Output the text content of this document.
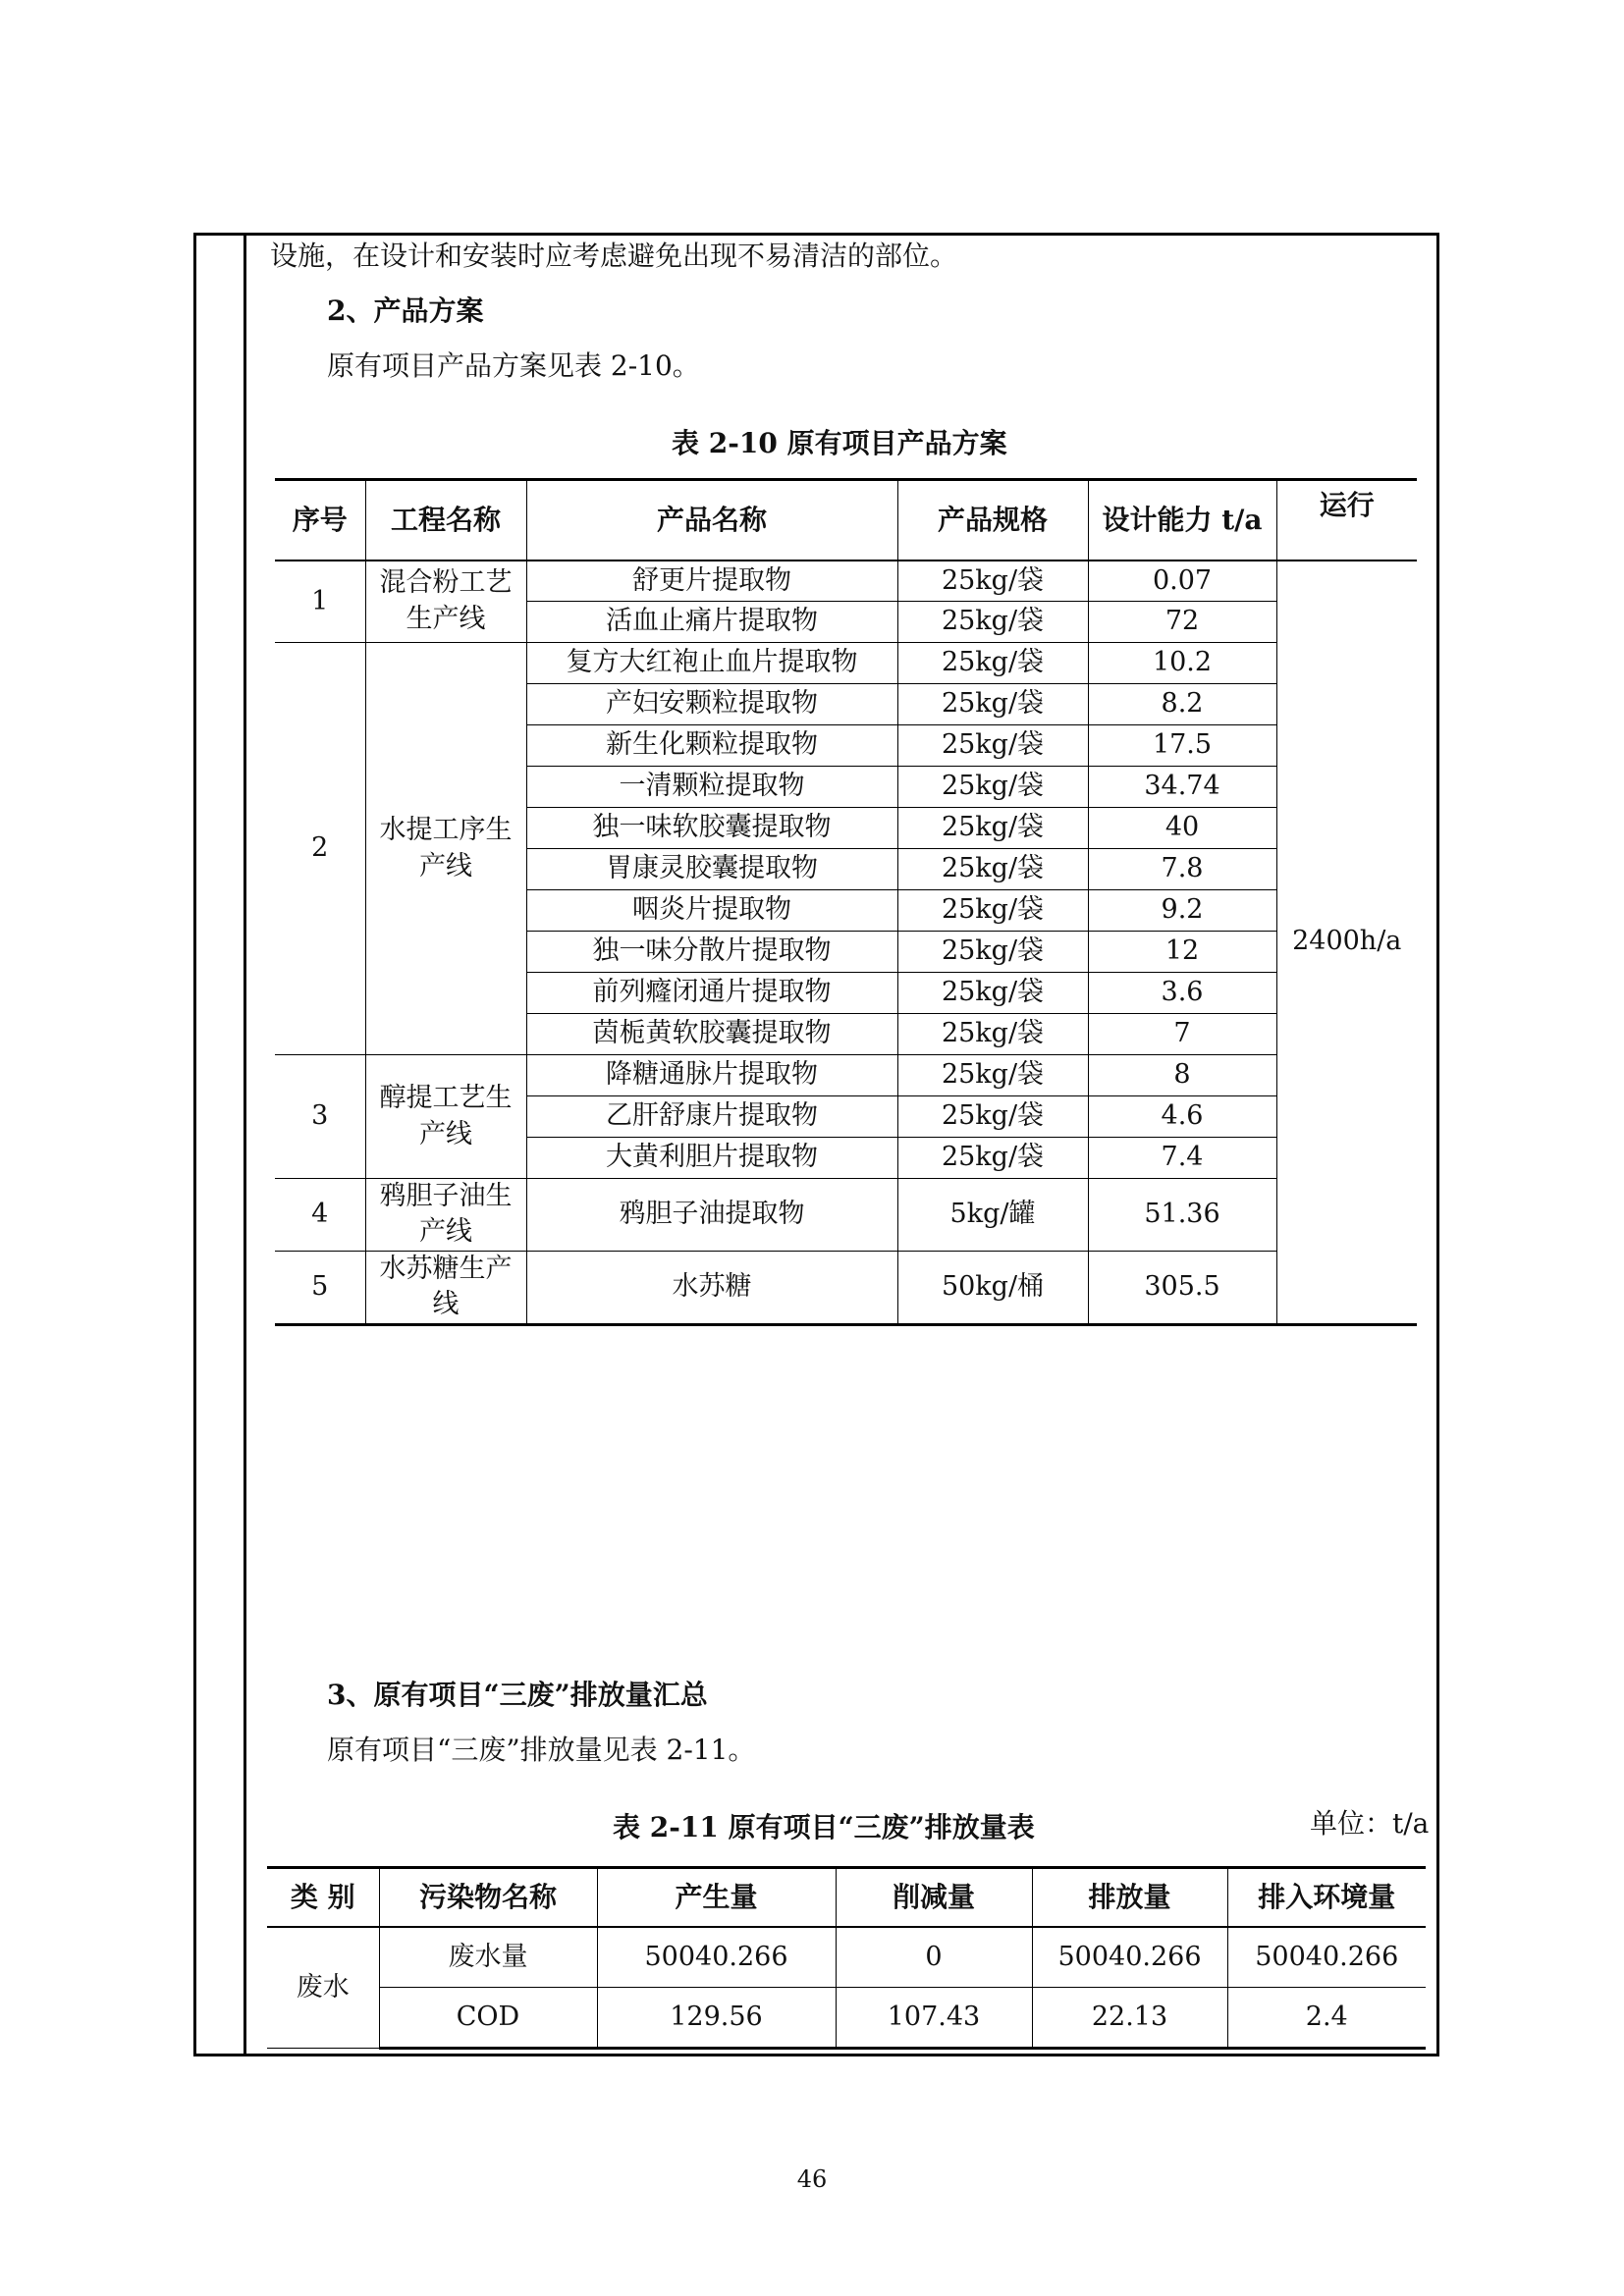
设施，在设计和安装时应考虑避免出现不易清洁的部位。
2、产品方案
原有项目产品方案见表 2-10。
表 2-10 原有项目产品方案
序号	工程名称	产品名称	产品规格	设计能力 t/a	运行
1	混合粉工艺生产线	舒更片提取物	25kg/袋	0.07	2400h/a
		活血止痛片提取物	25kg/袋	72	
2	水提工序生产线	复方大红袍止血片提取物	25kg/袋	10.2	
		产妇安颗粒提取物	25kg/袋	8.2	
		新生化颗粒提取物	25kg/袋	17.5	
		一清颗粒提取物	25kg/袋	34.74	
		独一味软胶囊提取物	25kg/袋	40	
		胃康灵胶囊提取物	25kg/袋	7.8	
		咽炎片提取物	25kg/袋	9.2	
		独一味分散片提取物	25kg/袋	12	
		前列癃闭通片提取物	25kg/袋	3.6	
		茵栀黄软胶囊提取物	25kg/袋	7	
3	醇提工艺生产线	降糖通脉片提取物	25kg/袋	8	
		乙肝舒康片提取物	25kg/袋	4.6	
		大黄利胆片提取物	25kg/袋	7.4	
4	鸦胆子油生产线	鸦胆子油提取物	5kg/罐	51.36	
5	水苏糖生产线	水苏糖	50kg/桶	305.5	
3、原有项目“三废”排放量汇总
原有项目“三废”排放量见表 2-11。
表 2-11 原有项目“三废”排放量表	单位：t/a
类 别	污染物名称	产生量	削减量	排放量	排入环境量
废水	废水量	50040.266	0	50040.266	50040.266
	COD	129.56	107.43	22.13	2.4
46
